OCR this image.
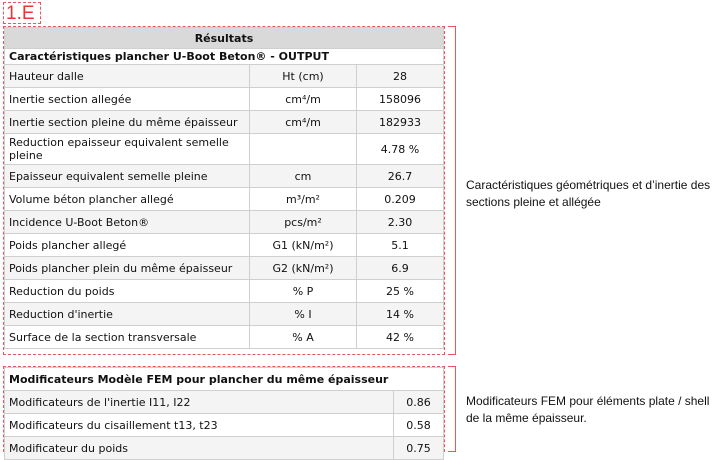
1.E
Résultats		
Caractéristiques plancher U-Boot Beton® - OUTPUT		
Hauteur dalle	Ht (cm)	28
Inertie section allegée	cm⁴/m	158096
Inertie section pleine du même épaisseur	cm⁴/m	182933
Reduction epaisseur equivalent semelle pleine		4.78 %
Epaisseur equivalent semelle pleine	cm	26.7
Volume béton plancher allegé	m³/m²	0.209
Incidence U-Boot Beton®	pcs/m²	2.30
Poids plancher allegé	G1 (kN/m²)	5.1
Poids plancher plein du même épaisseur	G2 (kN/m²)	6.9
Reduction du poids	% P	25 %
Reduction d'inertie	% I	14 %
Surface de la section transversale	% A	42 %
Caractéristiques géométriques et d’inertie des sections pleine et allégée
Modificateurs Modèle FEM pour plancher du même épaisseur	
Modificateurs de l'inertie I11, I22	0.86
Modificateurs du cisaillement t13, t23	0.58
Modificateur du poids	0.75
Modificateurs FEM pour éléments plate / shell de la même épaisseur.
